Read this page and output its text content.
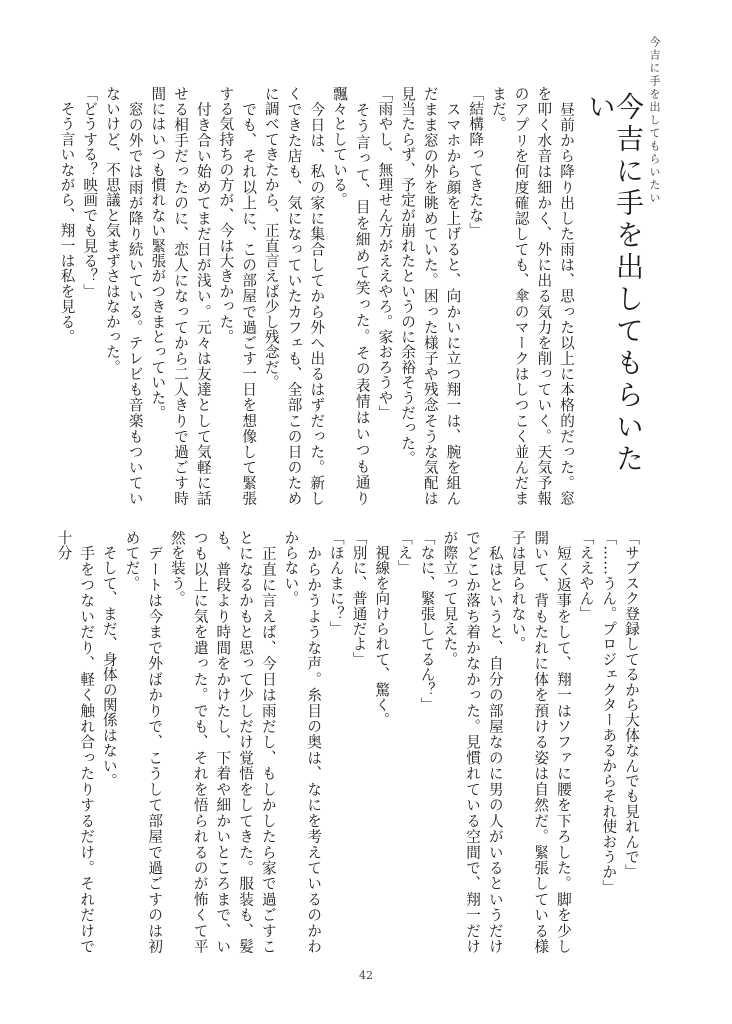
今吉に手を出してもらいたい
今吉に手を出してもらいたい

　昼前から降り出した雨は、思った以上に本格的だった。窓を叩く水音は細かく、外に出る気力を削っていく。天気予報のアプリを何度確認しても、傘のマークはしつこく並んだままだ。

「結構降ってきたな」

　スマホから顔を上げると、向かいに立つ翔一は、腕を組んだまま窓の外を眺めていた。困った様子や残念そうな気配は見当たらず、予定が崩れたというのに余裕そうだった。

「雨やし、無理せん方がええやろ。家おろうや」

　そう言って、目を細めて笑った。その表情はいつも通り飄々としている。

　今日は、私の家に集合してから外へ出るはずだった。新しくできた店も、気になっていたカフェも、全部この日のために調べてきたから、正直言えば少し残念だ。

　でも、それ以上に、この部屋で過ごす一日を想像して緊張する気持ちの方が、今は大きかった。

　付き合い始めてまだ日が浅い。元々は友達として気軽に話せる相手だったのに、恋人になってから二人きりで過ごす時間にはいつも慣れない緊張がつきまとっていた。

　窓の外では雨が降り続いている。テレビも音楽もついていないけど、不思議と気まずさはなかった。

「どうする？映画でも見る？」

　そう言いながら、翔一は私を見る。

「サブスク登録してるから大体なんでも見れんで」

「……うん。プロジェクターあるからそれ使おうか」

「ええやん」

　短く返事をして、翔一はソファに腰を下ろした。脚を少し開いて、背もたれに体を預ける姿は自然だ。緊張している様子は見られない。

　私はというと、自分の部屋なのに男の人がいるというだけでどこか落ち着かなかった。見慣れている空間で、翔一だけが際立って見えた。

「なに、緊張してるん？」

「え」

　視線を向けられて、驚く。

「別に、普通だよ」

「ほんまに？」

　からかうような声。糸目の奥は、なにを考えているのかわからない。

　正直に言えば、今日は雨だし、もしかしたら家で過ごすことになるかもと思って少しだけ覚悟をしてきた。服装も、髪も、普段より時間をかけたし、下着や細かいところまで、いつも以上に気を遣った。でも、それを悟られるのが怖くて平然を装う。

　デートは今まで外ばかりで、こうして部屋で過ごすのは初めてだ。

　そして、まだ、身体の関係はない。

　手をつないだり、軽く触れ合ったりするだけ。それだけで十分

42
